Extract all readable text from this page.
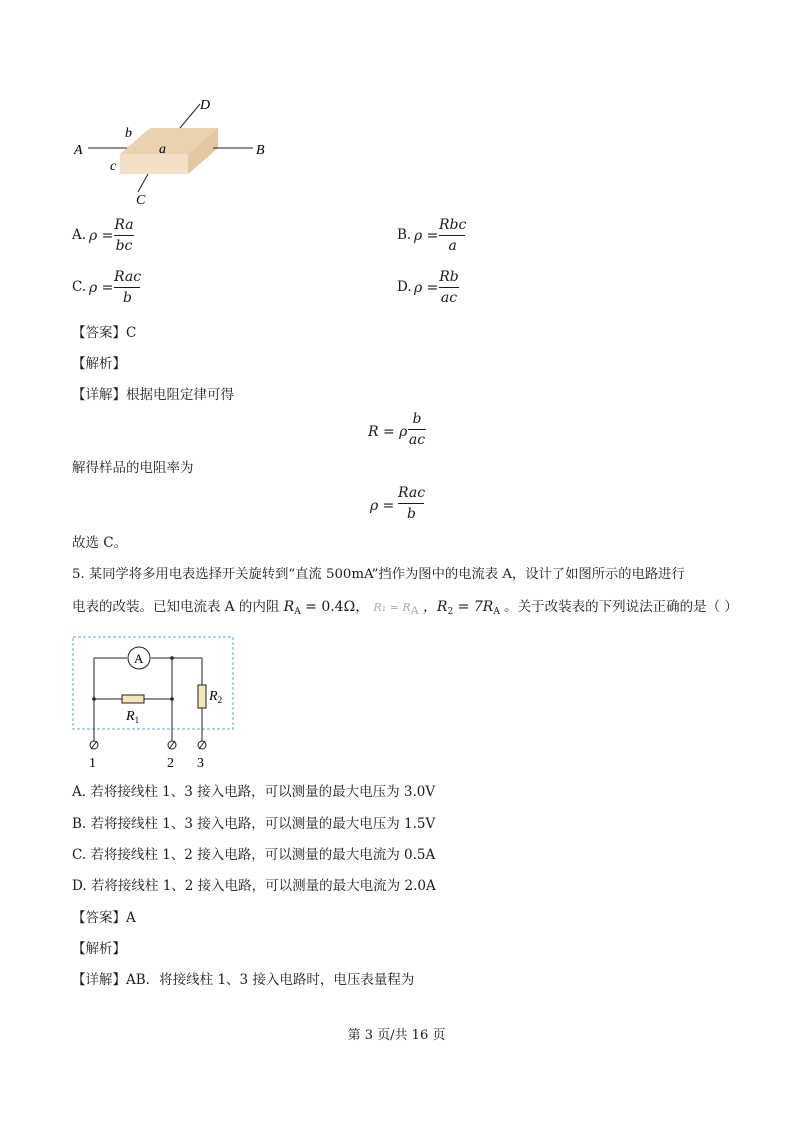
A	B
D
C
a
b
c
A. ρ =
Ra
bc
B. ρ =
Rbc
a
C. ρ =
Rac
b
D. ρ =
Rb
ac
【答案】C
【解析】
【详解】根据电阻定律可得
R = ρ
b
ac
解得样品的电阻率为
ρ =
Rac
b
故选 C。
5. 某同学将多用电表选择开关旋转到“直流 500mA”挡作为图中的电流表 A，设计了如图所示的电路进行
电表的改装。已知电流表 A 的内阻 $R_A = 0.4\Omega$， $R_1 = R_A$ ，$R_2 = 7R_A$ 。关于改装表的下列说法正确的是（ ）
A
$R_1$
$R_2$
1	2 3
A. 若将接线柱 1、3 接入电路，可以测量的最大电压为 3.0V
B. 若将接线柱 1、3 接入电路，可以测量的最大电压为 1.5V
C. 若将接线柱 1、2 接入电路，可以测量的最大电流为 0.5A
D. 若将接线柱 1、2 接入电路，可以测量的最大电流为 2.0A
【答案】A
【解析】
【详解】AB．将接线柱 1、3 接入电路时，电压表量程为
第 3 页/共 16 页
